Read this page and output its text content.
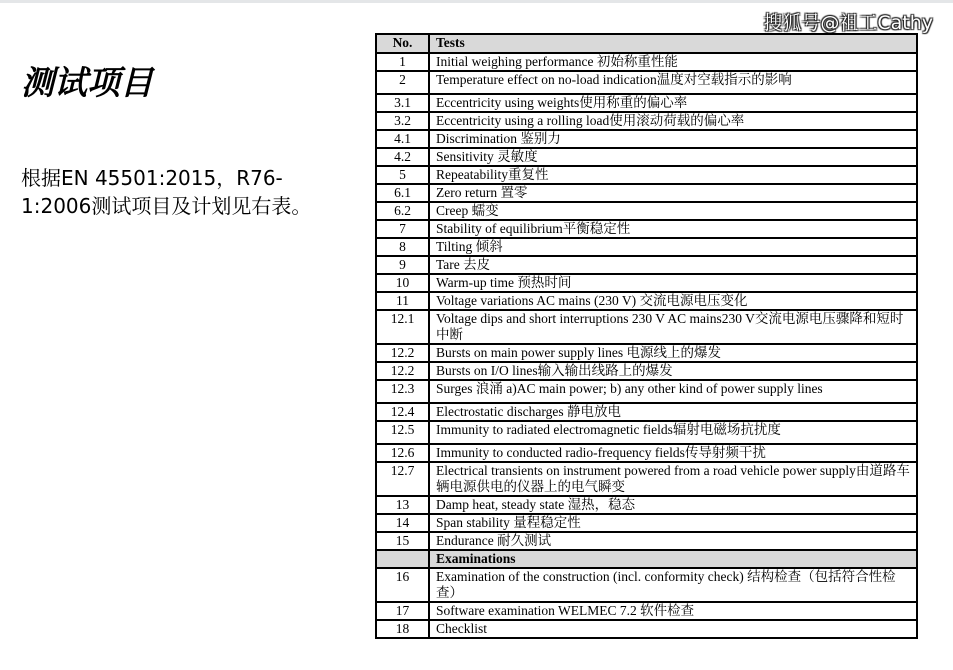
搜狐号@祖工Cathy
测试项目
根据EN 45501:2015，R76-1:2006测试项目及计划见右表。
No.	Tests
1	Initial weighing performance 初始称重性能
2	Temperature effect on no-load indication温度对空载指示的影响
3.1	Eccentricity using weights使用称重的偏心率
3.2	Eccentricity using a rolling load使用滚动荷载的偏心率
4.1	Discrimination 鉴别力
4.2	Sensitivity 灵敏度
5	Repeatability重复性
6.1	Zero return 置零
6.2	Creep 蠕变
7	Stability of equilibrium平衡稳定性
8	Tilting 倾斜
9	Tare 去皮
10	Warm-up time 预热时间
11	Voltage variations AC mains (230 V) 交流电源电压变化
12.1	Voltage dips and short interruptions 230 V AC mains230 V交流电源电压骤降和短时中断
12.2	Bursts on main power supply lines 电源线上的爆发
12.2	Bursts on I/O lines输入输出线路上的爆发
12.3	Surges 浪涌 a)AC main power; b) any other kind of power supply lines
12.4	Electrostatic discharges 静电放电
12.5	Immunity to radiated electromagnetic fields辐射电磁场抗扰度
12.6	Immunity to conducted radio-frequency fields传导射频干扰
12.7	Electrical transients on instrument powered from a road vehicle power supply由道路车辆电源供电的仪器上的电气瞬变
13	Damp heat, steady state 湿热，稳态
14	Span stability 量程稳定性
15	Endurance 耐久测试
	Examinations
16	Examination of the construction (incl. conformity check) 结构检查（包括符合性检查）
17	Software examination WELMEC 7.2 软件检查
18	Checklist
